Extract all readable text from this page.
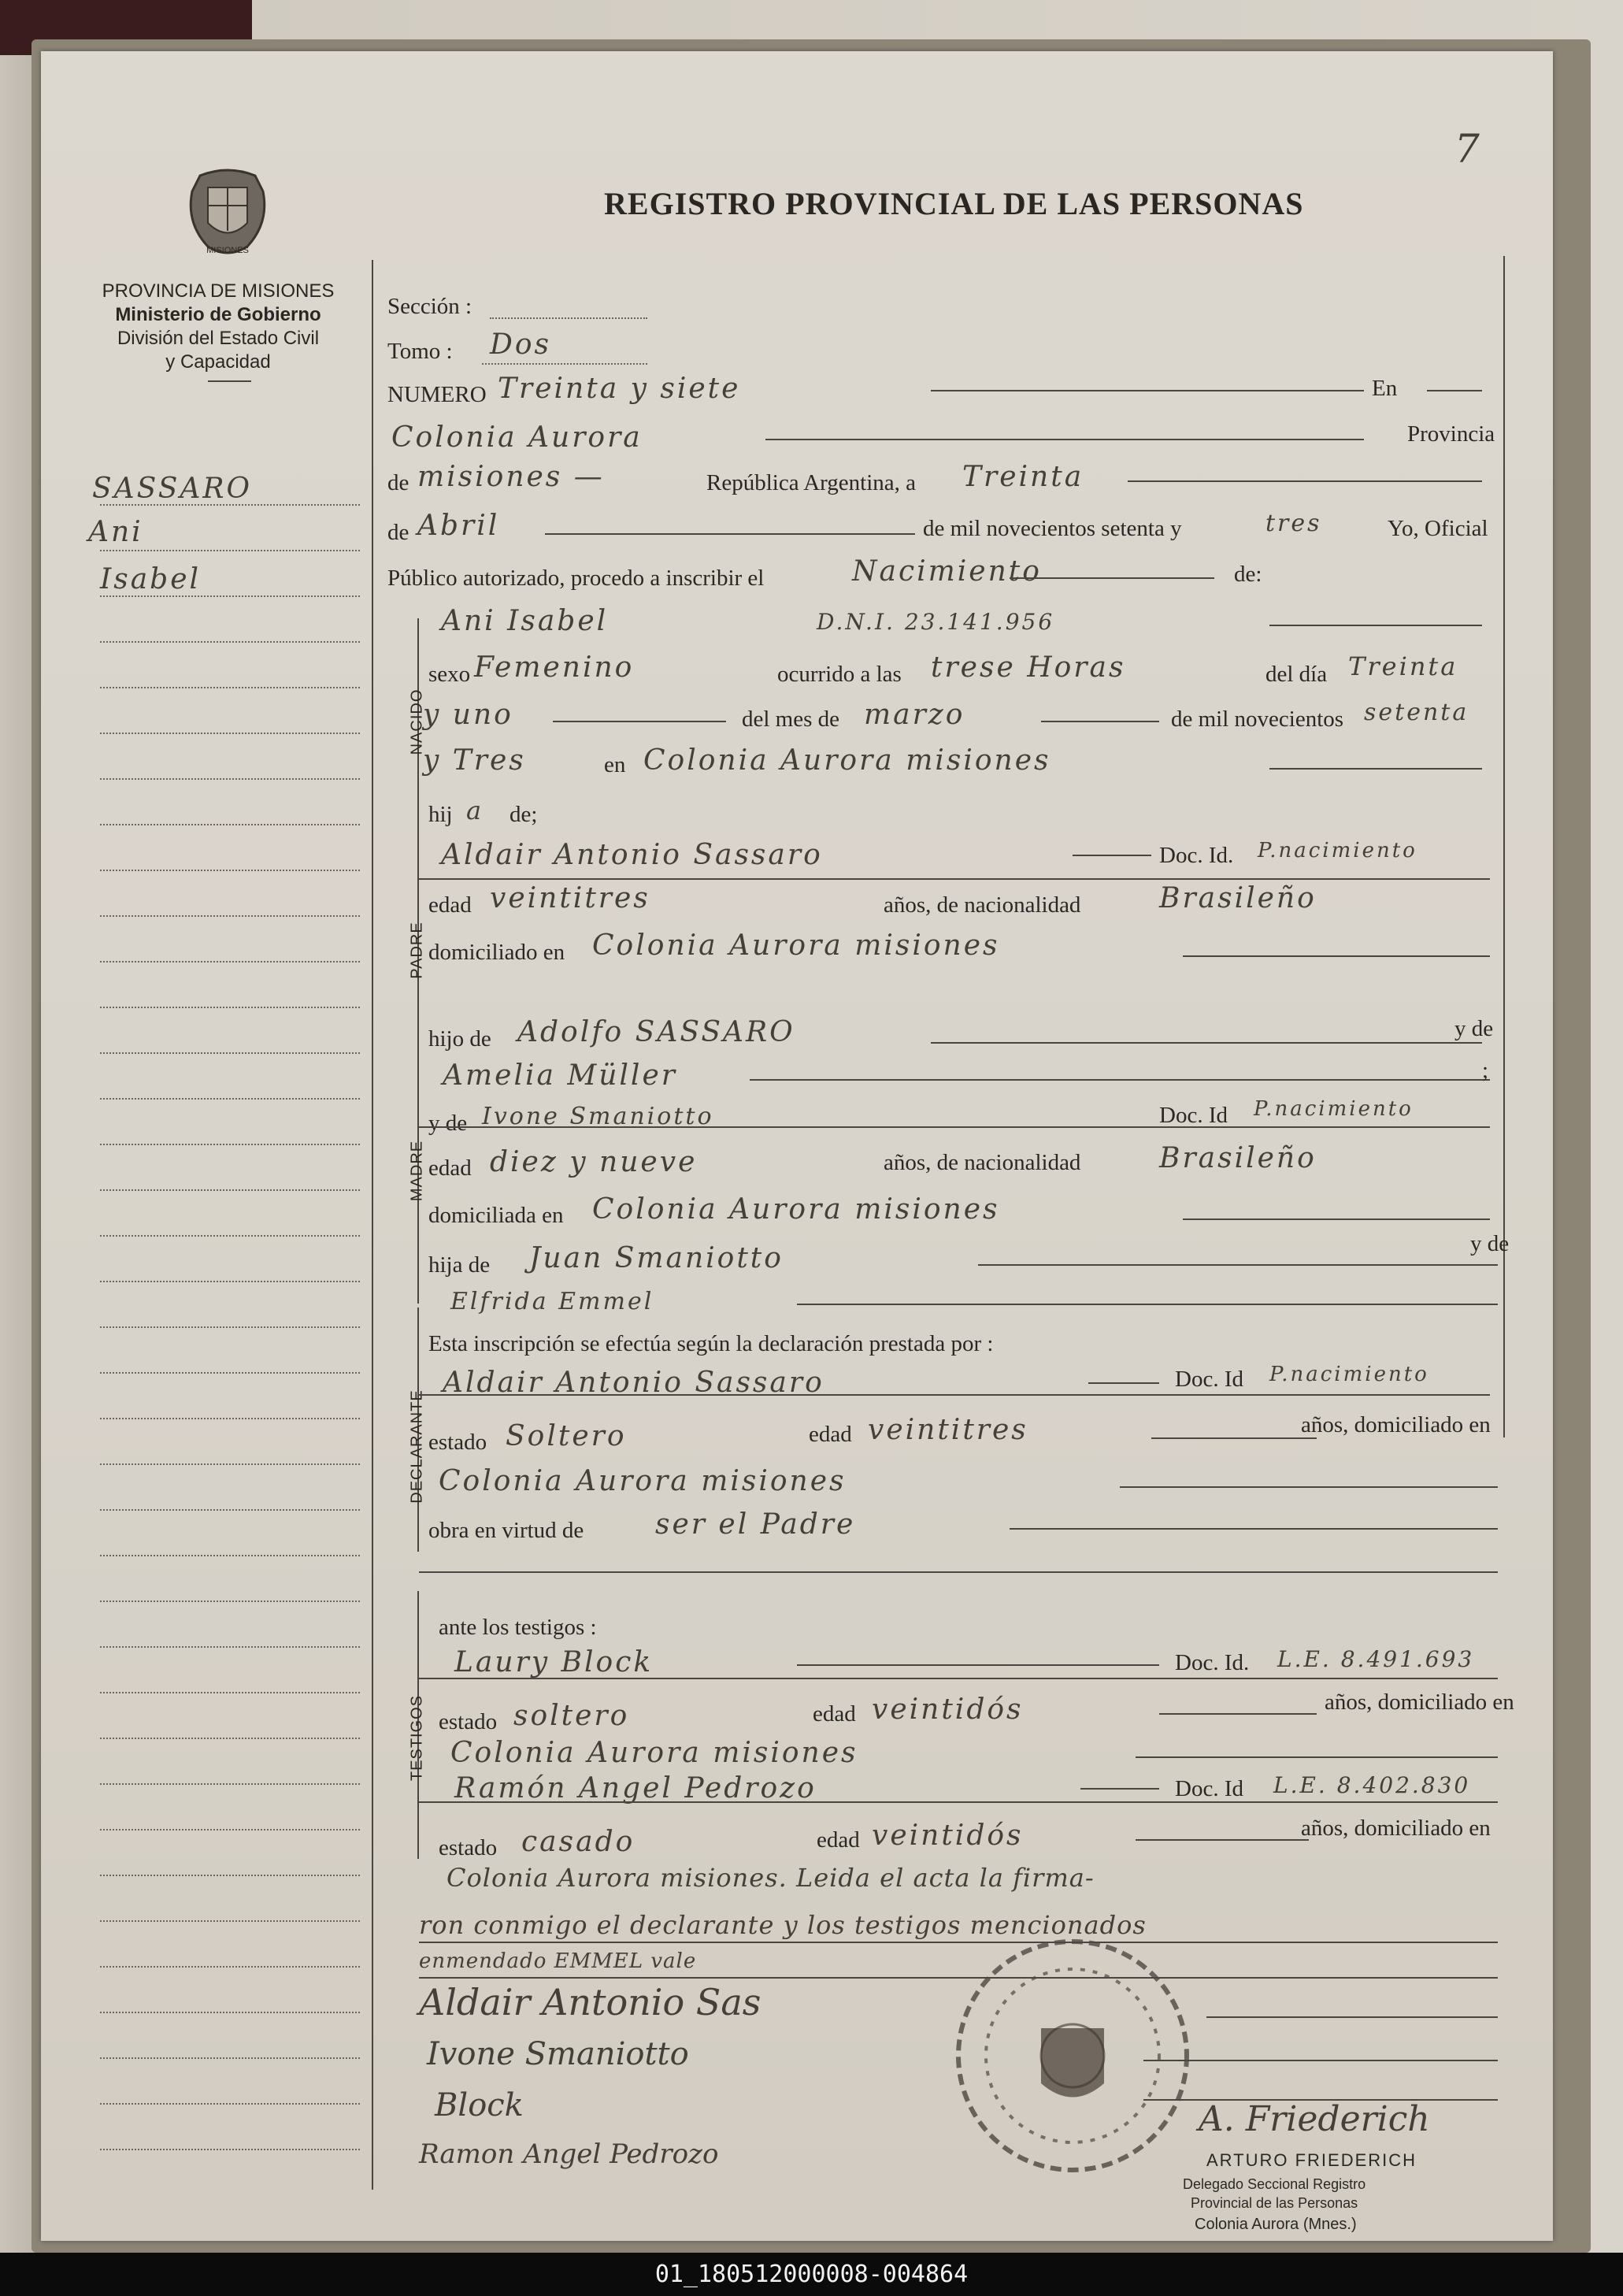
7
REGISTRO PROVINCIAL DE LAS PERSONAS
MISIONES
PROVINCIA DE MISIONES
Ministerio de Gobierno
División del Estado Civil
y Capacidad
SASSARO
Ani
Isabel
NACIDO
PADRE
MADRE
DECLARANTE
TESTIGOS
Sección :
Tomo : Dos
NUMERO Treinta y siete	En
Colonia Aurora	Provincia
de misiones —	República Argentina, a Treinta
de Abril	de mil novecientos setenta y	tres	Yo, Oficial
Público autorizado, procedo a inscribir el	Nacimiento	de:
Ani Isabel	D.N.I. 23.141.956
sexo Femenino	ocurrido a las trese Horas	del día Treinta
y uno	del mes de marzo	de mil novecientos setenta
y Tres	en Colonia Aurora misiones
hij a de;
Aldair Antonio Sassaro	Doc. Id. P.nacimiento
edad veintitres	años, de nacionalidad	Brasileño
domiciliado en Colonia Aurora misiones
hijo de Adolfo SASSARO	y de
Amelia Müller	;
y de Ivone Smaniotto	Doc. Id P.nacimiento
edad diez y nueve	años, de nacionalidad	Brasileño
domiciliada en Colonia Aurora misiones
hija de Juan Smaniotto	y de
Elfrida Emmel
Esta inscripción se efectúa según la declaración prestada por :
Aldair Antonio Sassaro	Doc. Id P.nacimiento
estado Soltero	edad veintitres	años, domiciliado en
Colonia Aurora misiones
obra en virtud de	ser el Padre
ante los testigos :
Laury Block	Doc. Id. L.E. 8.491.693
estado soltero	edad veintidós	años, domiciliado en
Colonia Aurora misiones
Ramón Angel Pedrozo	Doc. Id L.E. 8.402.830
estado casado	edad veintidós	años, domiciliado en
Colonia Aurora misiones. Leida el acta la firma-
ron conmigo el declarante y los testigos mencionados
enmendado EMMEL vale
Aldair Antonio Sas
Ivone Smaniotto
Block
Ramon Angel Pedrozo
A. Friederich
ARTURO FRIEDERICH
Delegado Seccional Registro
Provincial de las Personas
Colonia Aurora (Mnes.)
01_180512000008-004864
